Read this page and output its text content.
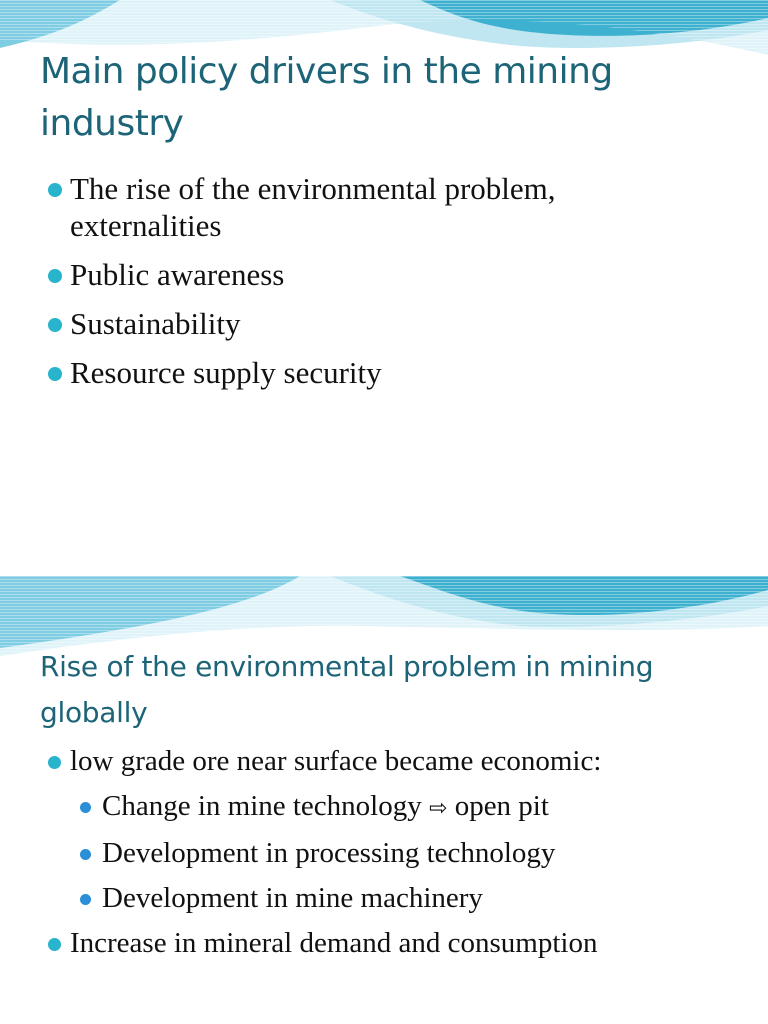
Main policy drivers in the mining industry
The rise of the environmental problem, externalities
Public awareness
Sustainability
Resource supply security
Rise of the environmental problem in mining globally
low grade ore near surface became economic:
Change in mine technology ⇨ open pit
Development in processing technology
Development in mine machinery
Increase in mineral demand and consumption
